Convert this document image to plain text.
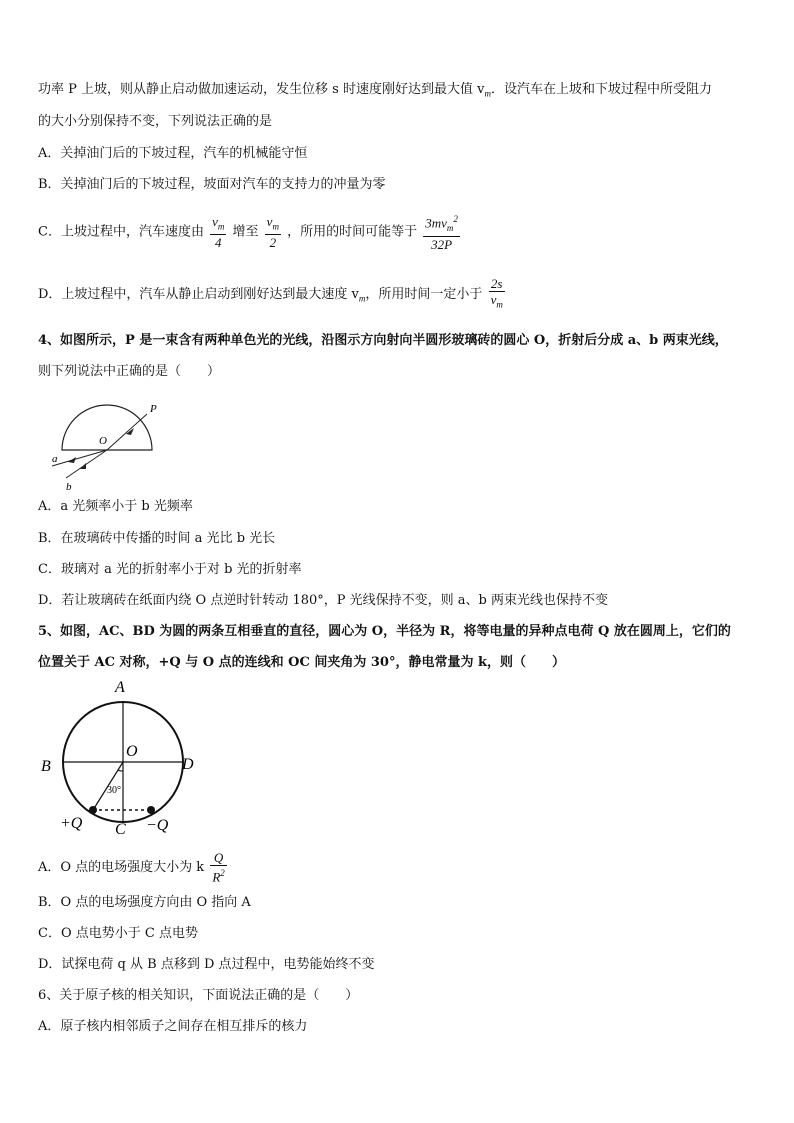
功率 P 上坡，则从静止启动做加速运动，发生位移 s 时速度刚好达到最大值 $v_m$．设汽车在上坡和下坡过程中所受阻力
的大小分别保持不变，下列说法正确的是
A．关掉油门后的下坡过程，汽车的机械能守恒
B．关掉油门后的下坡过程，坡面对汽车的支持力的冲量为零
C．上坡过程中，汽车速度由 $\frac{v_m}{4}$ 增至 $\frac{v_m}{2}$ ，所用的时间可能等于 $\frac{3mv_m^2}{32P}$
D．上坡过程中，汽车从静止启动到刚好达到最大速度 $v_m$，所用时间一定小于 $\frac{2s}{v_m}$
4、如图所示，P 是一束含有两种单色光的光线，沿图示方向射向半圆形玻璃砖的圆心 O，折射后分成 a、b 两束光线，
则下列说法中正确的是（　　）
P
O
a
b
A．a 光频率小于 b 光频率
B．在玻璃砖中传播的时间 a 光比 b 光长
C．玻璃对 a 光的折射率小于对 b 光的折射率
D．若让玻璃砖在纸面内绕 O 点逆时针转动 180°，P 光线保持不变，则 a、b 两束光线也保持不变
5、如图，AC、BD 为圆的两条互相垂直的直径，圆心为 O，半径为 R，将等电量的异种点电荷 Q 放在圆周上，它们的
位置关于 AC 对称，+Q 与 O 点的连线和 OC 间夹角为 30°，静电常量为 k，则（　　）
A
O
B	D
30°
+Q C −Q
A．O 点的电场强度大小为 k $\frac{Q}{R^2}$
B．O 点的电场强度方向由 O 指向 A
C．O 点电势小于 C 点电势
D．试探电荷 q 从 B 点移到 D 点过程中，电势能始终不变
6、关于原子核的相关知识，下面说法正确的是（　　）
A．原子核内相邻质子之间存在相互排斥的核力
